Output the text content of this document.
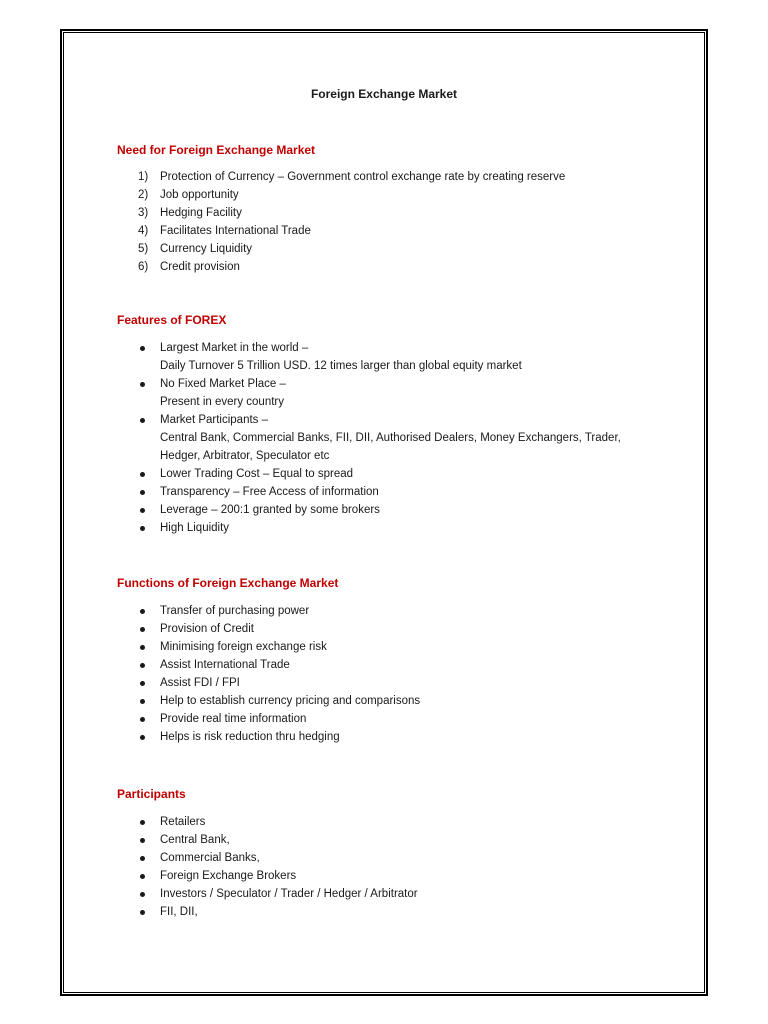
Foreign Exchange Market
Need for Foreign Exchange Market
1) Protection of Currency – Government control exchange rate by creating reserve
2) Job opportunity
3) Hedging Facility
4) Facilitates International Trade
5) Currency Liquidity
6) Credit provision
Features of FOREX
Largest Market in the world –
Daily Turnover 5 Trillion USD. 12 times larger than global equity market
No Fixed Market Place –
Present in every country
Market Participants –
Central Bank, Commercial Banks, FII, DII, Authorised Dealers, Money Exchangers, Trader,
Hedger, Arbitrator, Speculator etc
Lower Trading Cost – Equal to spread
Transparency – Free Access of information
Leverage – 200:1 granted by some brokers
High Liquidity
Functions of Foreign Exchange Market
Transfer of purchasing power
Provision of Credit
Minimising foreign exchange risk
Assist International Trade
Assist FDI / FPI
Help to establish currency pricing and comparisons
Provide real time information
Helps is risk reduction thru hedging
Participants
Retailers
Central Bank,
Commercial Banks,
Foreign Exchange Brokers
Investors / Speculator / Trader / Hedger / Arbitrator
FII, DII,
